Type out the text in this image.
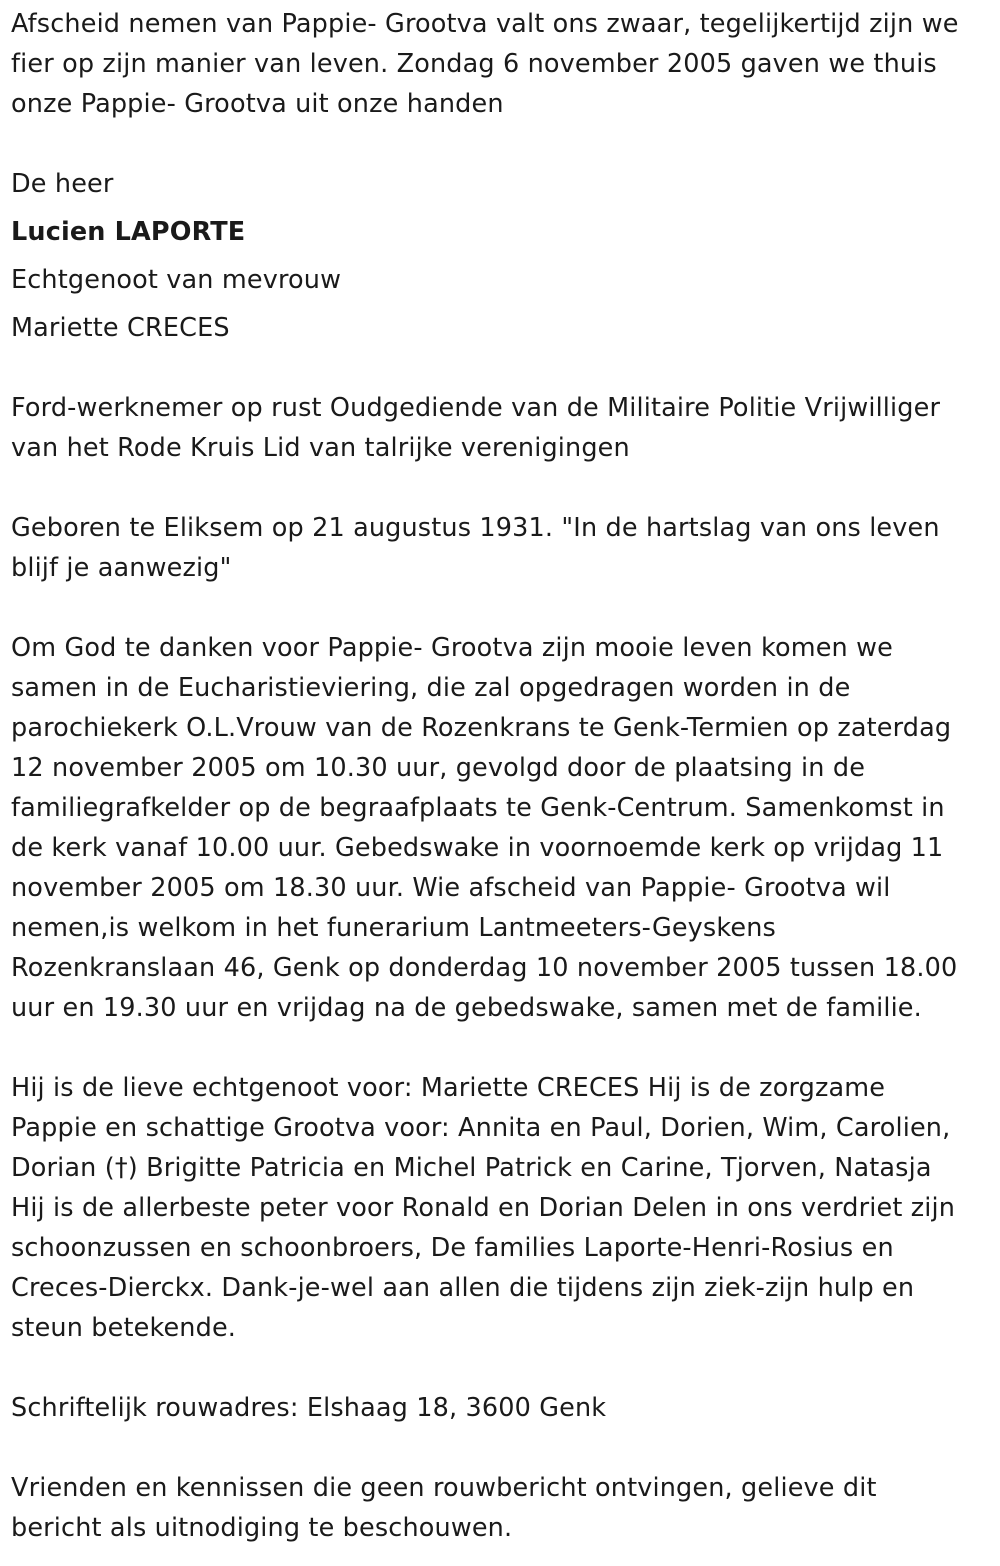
Afscheid nemen van Pappie- Grootva valt ons zwaar, tegelijkertijd zijn we
fier op zijn manier van leven. Zondag 6 november 2005 gaven we thuis
onze Pappie- Grootva uit onze handen

De heer

Lucien LAPORTE

Echtgenoot van mevrouw

Mariette CRECES

Ford-werknemer op rust Oudgediende van de Militaire Politie Vrijwilliger
van het Rode Kruis Lid van talrijke verenigingen

Geboren te Eliksem op 21 augustus 1931. "In de hartslag van ons leven
blijf je aanwezig"

Om God te danken voor Pappie- Grootva zijn mooie leven komen we
samen in de Eucharistieviering, die zal opgedragen worden in de
parochiekerk O.L.Vrouw van de Rozenkrans te Genk-Termien op zaterdag
12 november 2005 om 10.30 uur, gevolgd door de plaatsing in de
familiegrafkelder op de begraafplaats te Genk-Centrum. Samenkomst in
de kerk vanaf 10.00 uur. Gebedswake in voornoemde kerk op vrijdag 11
november 2005 om 18.30 uur. Wie afscheid van Pappie- Grootva wil
nemen,is welkom in het funerarium Lantmeeters-Geyskens
Rozenkranslaan 46, Genk op donderdag 10 november 2005 tussen 18.00
uur en 19.30 uur en vrijdag na de gebedswake, samen met de familie.

Hij is de lieve echtgenoot voor: Mariette CRECES Hij is de zorgzame
Pappie en schattige Grootva voor: Annita en Paul, Dorien, Wim, Carolien,
Dorian (†) Brigitte Patricia en Michel Patrick en Carine, Tjorven, Natasja
Hij is de allerbeste peter voor Ronald en Dorian Delen in ons verdriet zijn
schoonzussen en schoonbroers, De families Laporte-Henri-Rosius en
Creces-Dierckx. Dank-je-wel aan allen die tijdens zijn ziek-zijn hulp en
steun betekende.

Schriftelijk rouwadres: Elshaag 18, 3600 Genk

Vrienden en kennissen die geen rouwbericht ontvingen, gelieve dit
bericht als uitnodiging te beschouwen.
